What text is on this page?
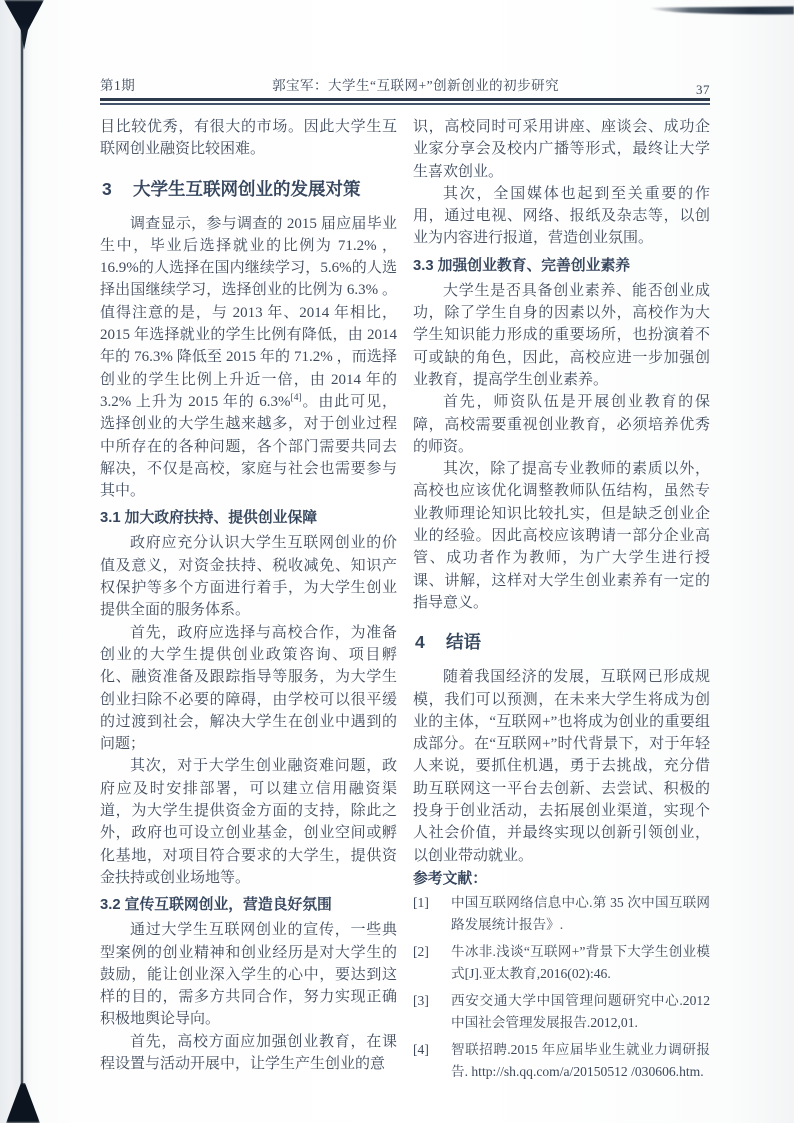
第1期	郭宝军：大学生“互联网+”创新创业的初步研究	37

目比较优秀，有很大的市场。因此大学生互联网创业融资比较困难。

3 大学生互联网创业的发展对策

调查显示，参与调查的 2015 届应届毕业生中，毕业后选择就业的比例为 71.2% ，16.9%的人选择在国内继续学习，5.6%的人选择出国继续学习，选择创业的比例为 6.3% 。值得注意的是，与 2013 年、2014 年相比，2015 年选择就业的学生比例有降低，由 2014 年的 76.3% 降低至 2015 年的 71.2% ，而选择创业的学生比例上升近一倍，由 2014 年的 3.2% 上升为 2015 年的 6.3%[4]。由此可见，选择创业的大学生越来越多，对于创业过程中所存在的各种问题，各个部门需要共同去解决，不仅是高校，家庭与社会也需要参与其中。

3.1 加大政府扶持、提供创业保障

政府应充分认识大学生互联网创业的价值及意义，对资金扶持、税收减免、知识产权保护等多个方面进行着手，为大学生创业提供全面的服务体系。

首先，政府应选择与高校合作，为准备创业的大学生提供创业政策咨询、项目孵化、融资准备及跟踪指导等服务，为大学生创业扫除不必要的障碍，由学校可以很平缓的过渡到社会，解决大学生在创业中遇到的问题；

其次，对于大学生创业融资难问题，政府应及时安排部署，可以建立信用融资渠道，为大学生提供资金方面的支持，除此之外，政府也可设立创业基金，创业空间或孵化基地，对项目符合要求的大学生，提供资金扶持或创业场地等。

3.2 宣传互联网创业，营造良好氛围

通过大学生互联网创业的宣传，一些典型案例的创业精神和创业经历是对大学生的鼓励，能让创业深入学生的心中，要达到这样的目的，需多方共同合作，努力实现正确积极地舆论导向。

首先，高校方面应加强创业教育，在课程设置与活动开展中，让学生产生创业的意

识，高校同时可采用讲座、座谈会、成功企业家分享会及校内广播等形式，最终让大学生喜欢创业。

其次，全国媒体也起到至关重要的作用，通过电视、网络、报纸及杂志等，以创业为内容进行报道，营造创业氛围。

3.3 加强创业教育、完善创业素养

大学生是否具备创业素养、能否创业成功，除了学生自身的因素以外，高校作为大学生知识能力形成的重要场所，也扮演着不可或缺的角色，因此，高校应进一步加强创业教育，提高学生创业素养。

首先，师资队伍是开展创业教育的保障，高校需要重视创业教育，必须培养优秀的师资。

其次，除了提高专业教师的素质以外，高校也应该优化调整教师队伍结构，虽然专业教师理论知识比较扎实，但是缺乏创业企业的经验。因此高校应该聘请一部分企业高管、成功者作为教师，为广大学生进行授课、讲解，这样对大学生创业素养有一定的指导意义。

4 结语

随着我国经济的发展，互联网已形成规模，我们可以预测，在未来大学生将成为创业的主体，“互联网+”也将成为创业的重要组成部分。在“互联网+”时代背景下，对于年轻人来说，要抓住机遇，勇于去挑战，充分借助互联网这一平台去创新、去尝试、积极的投身于创业活动，去拓展创业渠道，实现个人社会价值，并最终实现以创新引领创业，以创业带动就业。

参考文献：
[1]	中国互联网络信息中心.第 35 次中国互联网路发展统计报告》.
[2]	牛冰非.浅谈“互联网+”背景下大学生创业模式[J].亚太教育,2016(02):46.
[3]	西安交通大学中国管理问题研究中心.2012 中国社会管理发展报告.2012,01.
[4]	智联招聘.2015 年应届毕业生就业力调研报告. http://sh.qq.com/a/20150512 /030606.htm.
